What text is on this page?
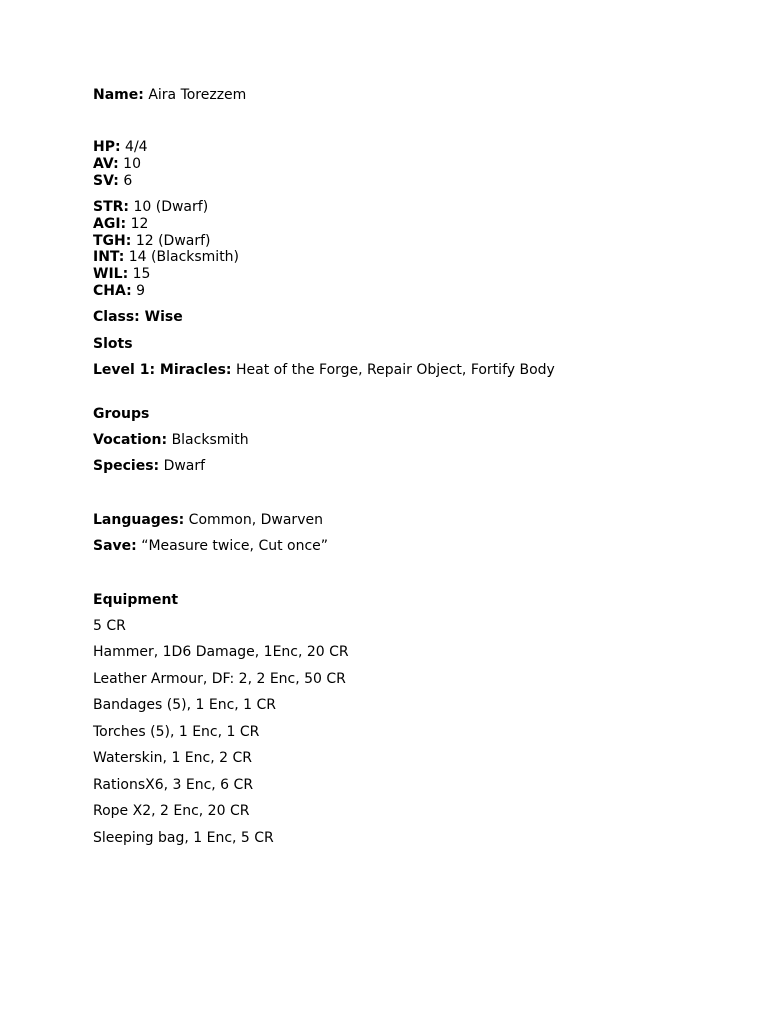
Name: Aira Torezzem
HP: 4/4
AV: 10
SV: 6
STR: 10 (Dwarf)
AGI: 12
TGH: 12 (Dwarf)
INT: 14 (Blacksmith)
WIL: 15
CHA: 9
Class: Wise
Slots
Level 1: Miracles: Heat of the Forge, Repair Object, Fortify Body
Groups
Vocation: Blacksmith
Species: Dwarf
Languages: Common, Dwarven
Save: “Measure twice, Cut once”
Equipment
5 CR
Hammer, 1D6 Damage, 1Enc, 20 CR
Leather Armour, DF: 2, 2 Enc, 50 CR
Bandages (5), 1 Enc, 1 CR
Torches (5), 1 Enc, 1 CR
Waterskin, 1 Enc, 2 CR
RationsX6, 3 Enc, 6 CR
Rope X2, 2 Enc, 20 CR
Sleeping bag, 1 Enc, 5 CR
